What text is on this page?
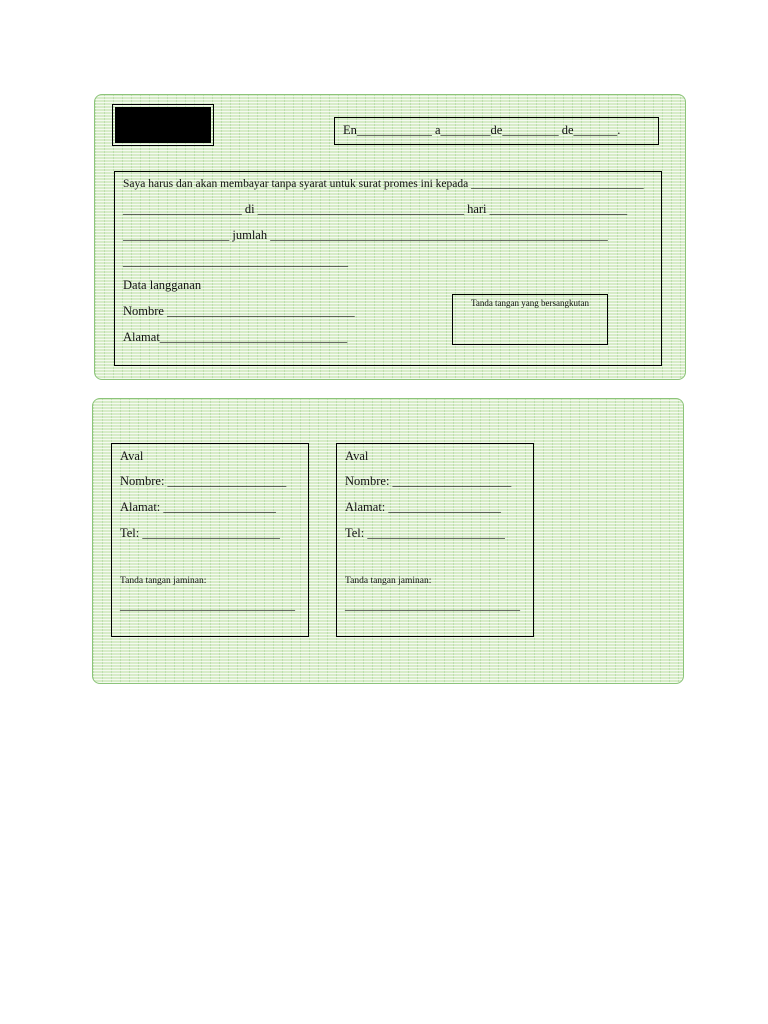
En____________ a________de_________ de_______.
Saya harus dan akan membayar tanpa syarat untuk surat promes ini kepada ______________________________
___________________ di _________________________________ hari ______________________
_________________ jumlah ______________________________________________________
____________________________________
Data langganan
Nombre ______________________________
Alamat______________________________
Tanda tangan yang bersangkutan
Aval
Nombre: ___________________
Alamat: __________________
Tel: ______________________
Tanda tangan jaminan:
____________________________
Aval
Nombre: ___________________
Alamat: __________________
Tel: ______________________
Tanda tangan jaminan:
____________________________
